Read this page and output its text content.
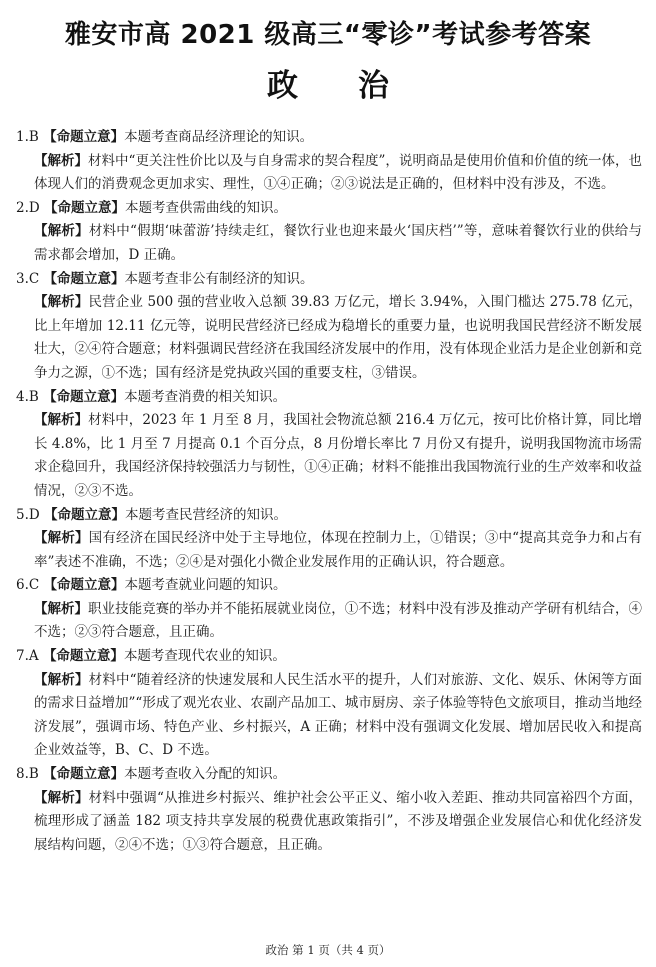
雅安市高 2021 级高三“零诊”考试参考答案
政 治
1.B 【命题立意】本题考查商品经济理论的知识。
【解析】材料中“更关注性价比以及与自身需求的契合程度”，说明商品是使用价值和价值的统一体，也体现人们的消费观念更加求实、理性，①④正确；②③说法是正确的，但材料中没有涉及，不选。
2.D 【命题立意】本题考查供需曲线的知识。
【解析】材料中“假期‘味蕾游’持续走红，餐饮行业也迎来最火‘国庆档’”等，意味着餐饮行业的供给与需求都会增加，D 正确。
3.C 【命题立意】本题考查非公有制经济的知识。
【解析】民营企业 500 强的营业收入总额 39.83 万亿元，增长 3.94%，入围门槛达 275.78 亿元，比上年增加 12.11 亿元等，说明民营经济已经成为稳增长的重要力量，也说明我国民营经济不断发展壮大，②④符合题意；材料强调民营经济在我国经济发展中的作用，没有体现企业活力是企业创新和竞争力之源，①不选；国有经济是党执政兴国的重要支柱，③错误。
4.B 【命题立意】本题考查消费的相关知识。
【解析】材料中，2023 年 1 月至 8 月，我国社会物流总额 216.4 万亿元，按可比价格计算，同比增长 4.8%，比 1 月至 7 月提高 0.1 个百分点，8 月份增长率比 7 月份又有提升，说明我国物流市场需求企稳回升，我国经济保持较强活力与韧性，①④正确；材料不能推出我国物流行业的生产效率和收益情况，②③不选。
5.D 【命题立意】本题考查民营经济的知识。
【解析】国有经济在国民经济中处于主导地位，体现在控制力上，①错误；③中“提高其竞争力和占有率”表述不准确，不选；②④是对强化小微企业发展作用的正确认识，符合题意。
6.C 【命题立意】本题考查就业问题的知识。
【解析】职业技能竞赛的举办并不能拓展就业岗位，①不选；材料中没有涉及推动产学研有机结合，④不选；②③符合题意，且正确。
7.A 【命题立意】本题考查现代农业的知识。
【解析】材料中“随着经济的快速发展和人民生活水平的提升，人们对旅游、文化、娱乐、休闲等方面的需求日益增加”“形成了观光农业、农副产品加工、城市厨房、亲子体验等特色文旅项目，推动当地经济发展”，强调市场、特色产业、乡村振兴，A 正确；材料中没有强调文化发展、增加居民收入和提高企业效益等，B、C、D 不选。
8.B 【命题立意】本题考查收入分配的知识。
【解析】材料中强调“从推进乡村振兴、维护社会公平正义、缩小收入差距、推动共同富裕四个方面，梳理形成了涵盖 182 项支持共享发展的税费优惠政策指引”，不涉及增强企业发展信心和优化经济发展结构问题，②④不选；①③符合题意，且正确。
政治 第 1 页（共 4 页）
